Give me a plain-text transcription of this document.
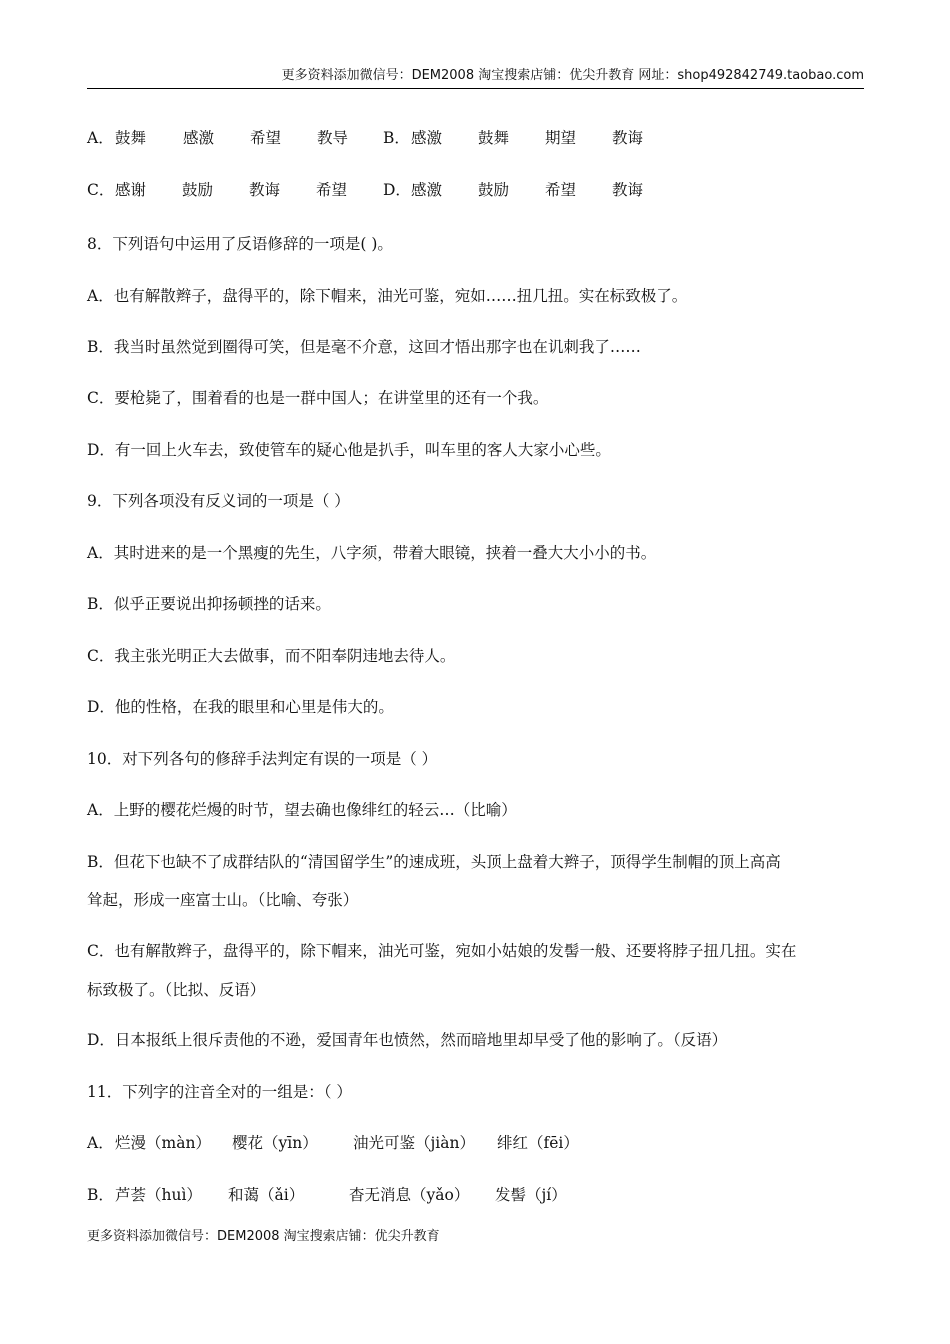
更多资料添加微信号：DEM2008 淘宝搜索店铺：优尖升教育 网址：shop492842749.taobao.com
A． 鼓舞 感激 希望 教导 B． 感激 鼓舞 期望 教诲
C． 感谢 鼓励 教诲 希望 D． 感激 鼓励 希望 教诲
8．下列语句中运用了反语修辞的一项是( )。
A．也有解散辫子，盘得平的，除下帽来，油光可鉴，宛如……扭几扭。实在标致极了。
B．我当时虽然觉到圈得可笑，但是毫不介意，这回才悟出那字也在讥刺我了……
C．要枪毙了，围着看的也是一群中国人；在讲堂里的还有一个我。
D．有一回上火车去，致使管车的疑心他是扒手，叫车里的客人大家小心些。
9．下列各项没有反义词的一项是（ ）
A．其时进来的是一个黑瘦的先生，八字须，带着大眼镜，挟着一叠大大小小的书。
B．似乎正要说出抑扬顿挫的话来。
C．我主张光明正大去做事，而不阳奉阴违地去待人。
D．他的性格，在我的眼里和心里是伟大的。
10．对下列各句的修辞手法判定有误的一项是（ ）
A．上野的樱花烂熳的时节，望去确也像绯红的轻云…（比喻）
B．但花下也缺不了成群结队的“清国留学生”的速成班，头顶上盘着大辫子，顶得学生制帽的顶上高高
耸起，形成一座富士山。（比喻、夸张）
C．也有解散辫子，盘得平的，除下帽来，油光可鉴，宛如小姑娘的发髻一般、还要将脖子扭几扭。实在
标致极了。（比拟、反语）
D．日本报纸上很斥责他的不逊，爱国青年也愤然，然而暗地里却早受了他的影响了。（反语）
11．下列字的注音全对的一组是：（ ）
A． 烂漫（màn） 樱花（yīn） 油光可鉴（jiàn） 绯红（fēi）
B． 芦荟（huì） 和蔼（ǎi）	杳无消息（yǎo） 发髻（jí）
更多资料添加微信号：DEM2008 淘宝搜索店铺：优尖升教育
